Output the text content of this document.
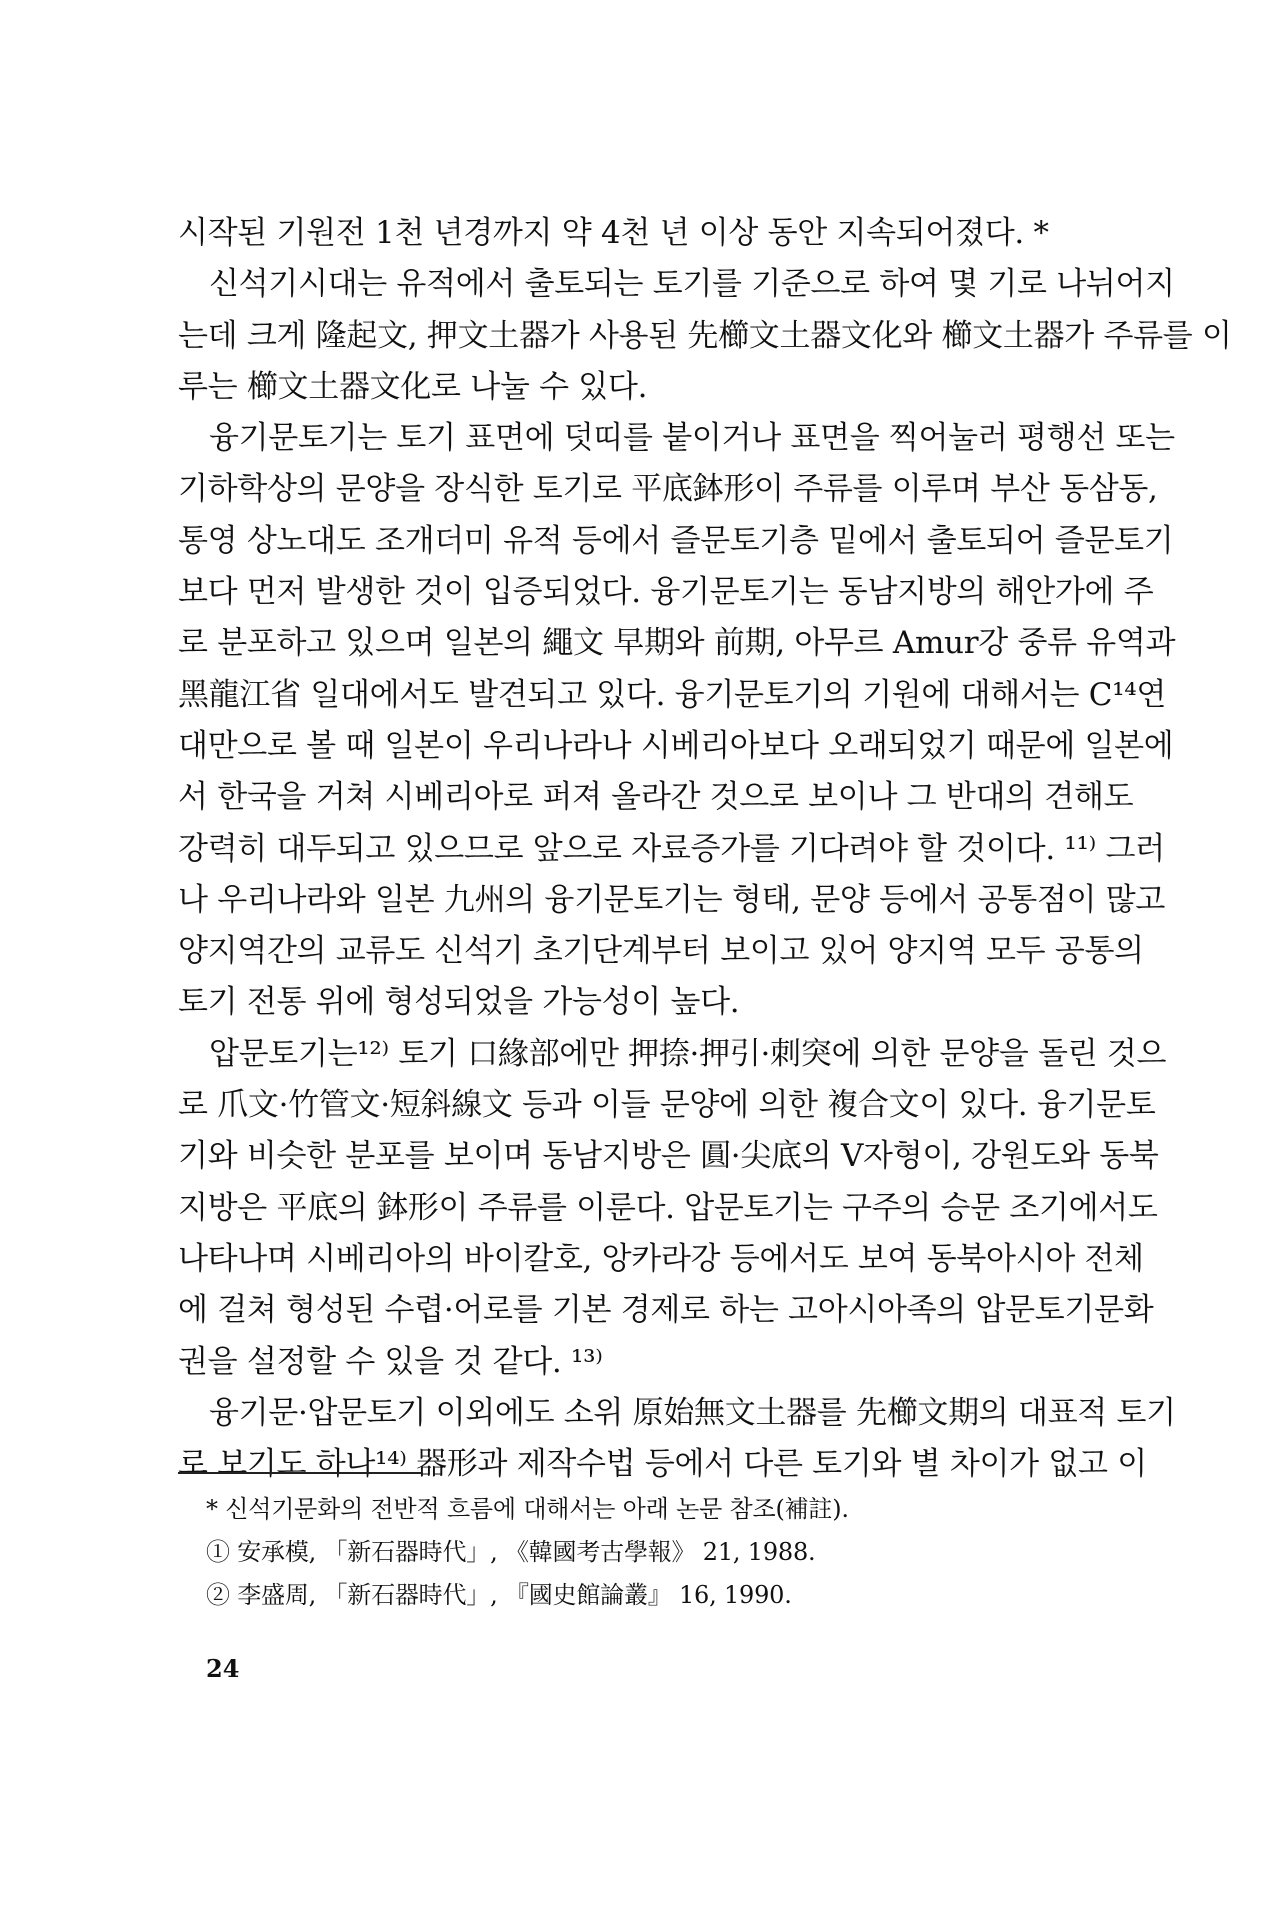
시작된 기원전 1천 년경까지 약 4천 년 이상 동안 지속되어졌다. *
신석기시대는 유적에서 출토되는 토기를 기준으로 하여 몇 기로 나뉘어지
는데 크게 隆起文, 押文土器가 사용된 先櫛文土器文化와 櫛文土器가 주류를 이
루는 櫛文土器文化로 나눌 수 있다.
융기문토기는 토기 표면에 덧띠를 붙이거나 표면을 찍어눌러 평행선 또는
기하학상의 문양을 장식한 토기로 平底鉢形이 주류를 이루며 부산 동삼동,
통영 상노대도 조개더미 유적 등에서 즐문토기층 밑에서 출토되어 즐문토기
보다 먼저 발생한 것이 입증되었다. 융기문토기는 동남지방의 해안가에 주
로 분포하고 있으며 일본의 繩文 早期와 前期, 아무르 Amur강 중류 유역과
黑龍江省 일대에서도 발견되고 있다. 융기문토기의 기원에 대해서는 C¹⁴연
대만으로 볼 때 일본이 우리나라나 시베리아보다 오래되었기 때문에 일본에
서 한국을 거쳐 시베리아로 퍼져 올라간 것으로 보이나 그 반대의 견해도
강력히 대두되고 있으므로 앞으로 자료증가를 기다려야 할 것이다. ¹¹⁾ 그러
나 우리나라와 일본 九州의 융기문토기는 형태, 문양 등에서 공통점이 많고
양지역간의 교류도 신석기 초기단계부터 보이고 있어 양지역 모두 공통의
토기 전통 위에 형성되었을 가능성이 높다.
압문토기는¹²⁾ 토기 口緣部에만 押捺·押引·刺突에 의한 문양을 돌린 것으
로 爪文·竹管文·短斜線文 등과 이들 문양에 의한 複合文이 있다. 융기문토
기와 비슷한 분포를 보이며 동남지방은 圓·尖底의 V자형이, 강원도와 동북
지방은 平底의 鉢形이 주류를 이룬다. 압문토기는 구주의 승문 조기에서도
나타나며 시베리아의 바이칼호, 앙카라강 등에서도 보여 동북아시아 전체
에 걸쳐 형성된 수렵·어로를 기본 경제로 하는 고아시아족의 압문토기문화
권을 설정할 수 있을 것 같다. ¹³⁾
융기문·압문토기 이외에도 소위 原始無文土器를 先櫛文期의 대표적 토기
로 보기도 하나¹⁴⁾ 器形과 제작수법 등에서 다른 토기와 별 차이가 없고 이
* 신석기문화의 전반적 흐름에 대해서는 아래 논문 참조(補註).
① 安承模, 「新石器時代」, 《韓國考古學報》 21, 1988.
② 李盛周, 「新石器時代」, 『國史館論叢』 16, 1990.
24
